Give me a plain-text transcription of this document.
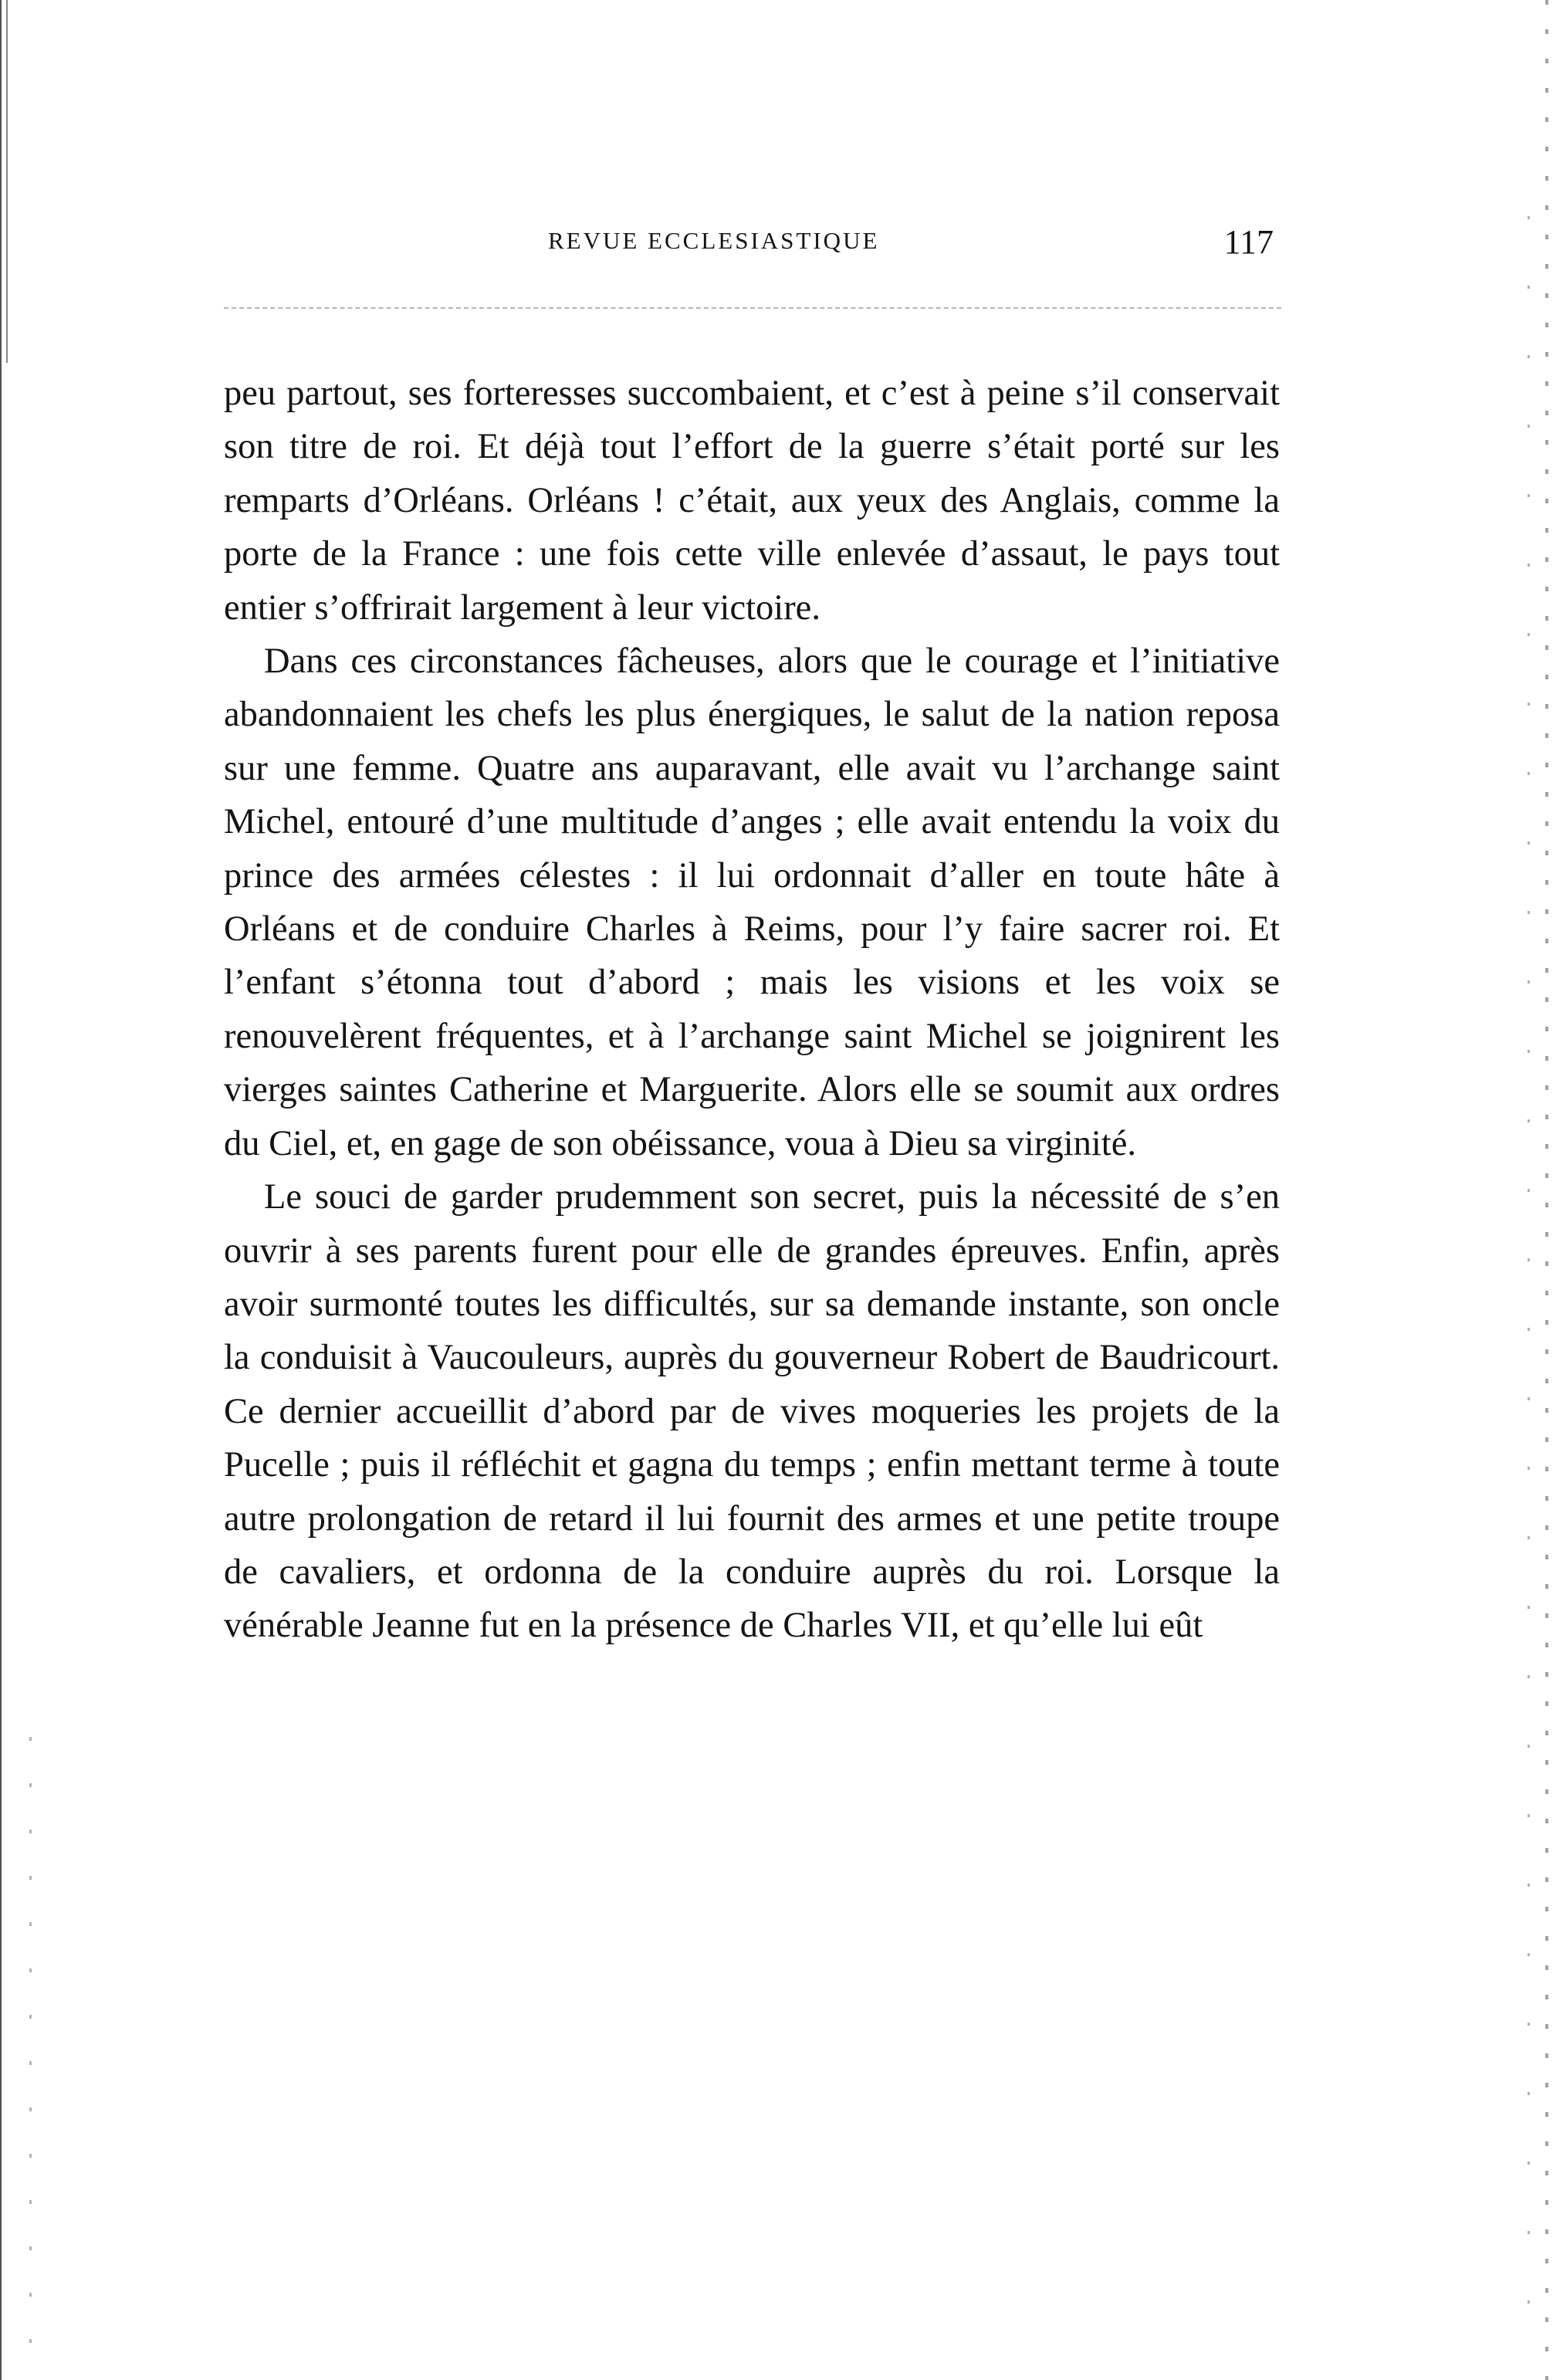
REVUE ECCLESIASTIQUE	117

peu partout, ses forteresses succombaient, et c’est à peine s’il conservait son titre de roi. Et déjà tout l’effort de la guerre s’était porté sur les remparts d’Orléans. Orléans ! c’était, aux yeux des Anglais, comme la porte de la France : une fois cette ville enlevée d’assaut, le pays tout entier s’offrirait largement à leur victoire.

Dans ces circonstances fâcheuses, alors que le courage et l’initiative abandonnaient les chefs les plus énergiques, le salut de la nation reposa sur une femme. Quatre ans auparavant, elle avait vu l’archange saint Michel, entouré d’une multitude d’anges ; elle avait entendu la voix du prince des armées célestes : il lui ordonnait d’aller en toute hâte à Orléans et de conduire Charles à Reims, pour l’y faire sacrer roi. Et l’enfant s’étonna tout d’abord ; mais les visions et les voix se renouvelèrent fréquentes, et à l’archange saint Michel se joignirent les vierges saintes Catherine et Marguerite. Alors elle se soumit aux ordres du Ciel, et, en gage de son obéissance, voua à Dieu sa virginité.

Le souci de garder prudemment son secret, puis la nécessité de s’en ouvrir à ses parents furent pour elle de grandes épreuves. Enfin, après avoir surmonté toutes les difficultés, sur sa demande instante, son oncle la conduisit à Vaucouleurs, auprès du gouverneur Robert de Baudricourt. Ce dernier accueillit d’abord par de vives moqueries les projets de la Pucelle ; puis il réfléchit et gagna du temps ; enfin mettant terme à toute autre prolongation de retard il lui fournit des armes et une petite troupe de cavaliers, et ordonna de la conduire auprès du roi. Lorsque la vénérable Jeanne fut en la présence de Charles VII, et qu’elle lui eût
